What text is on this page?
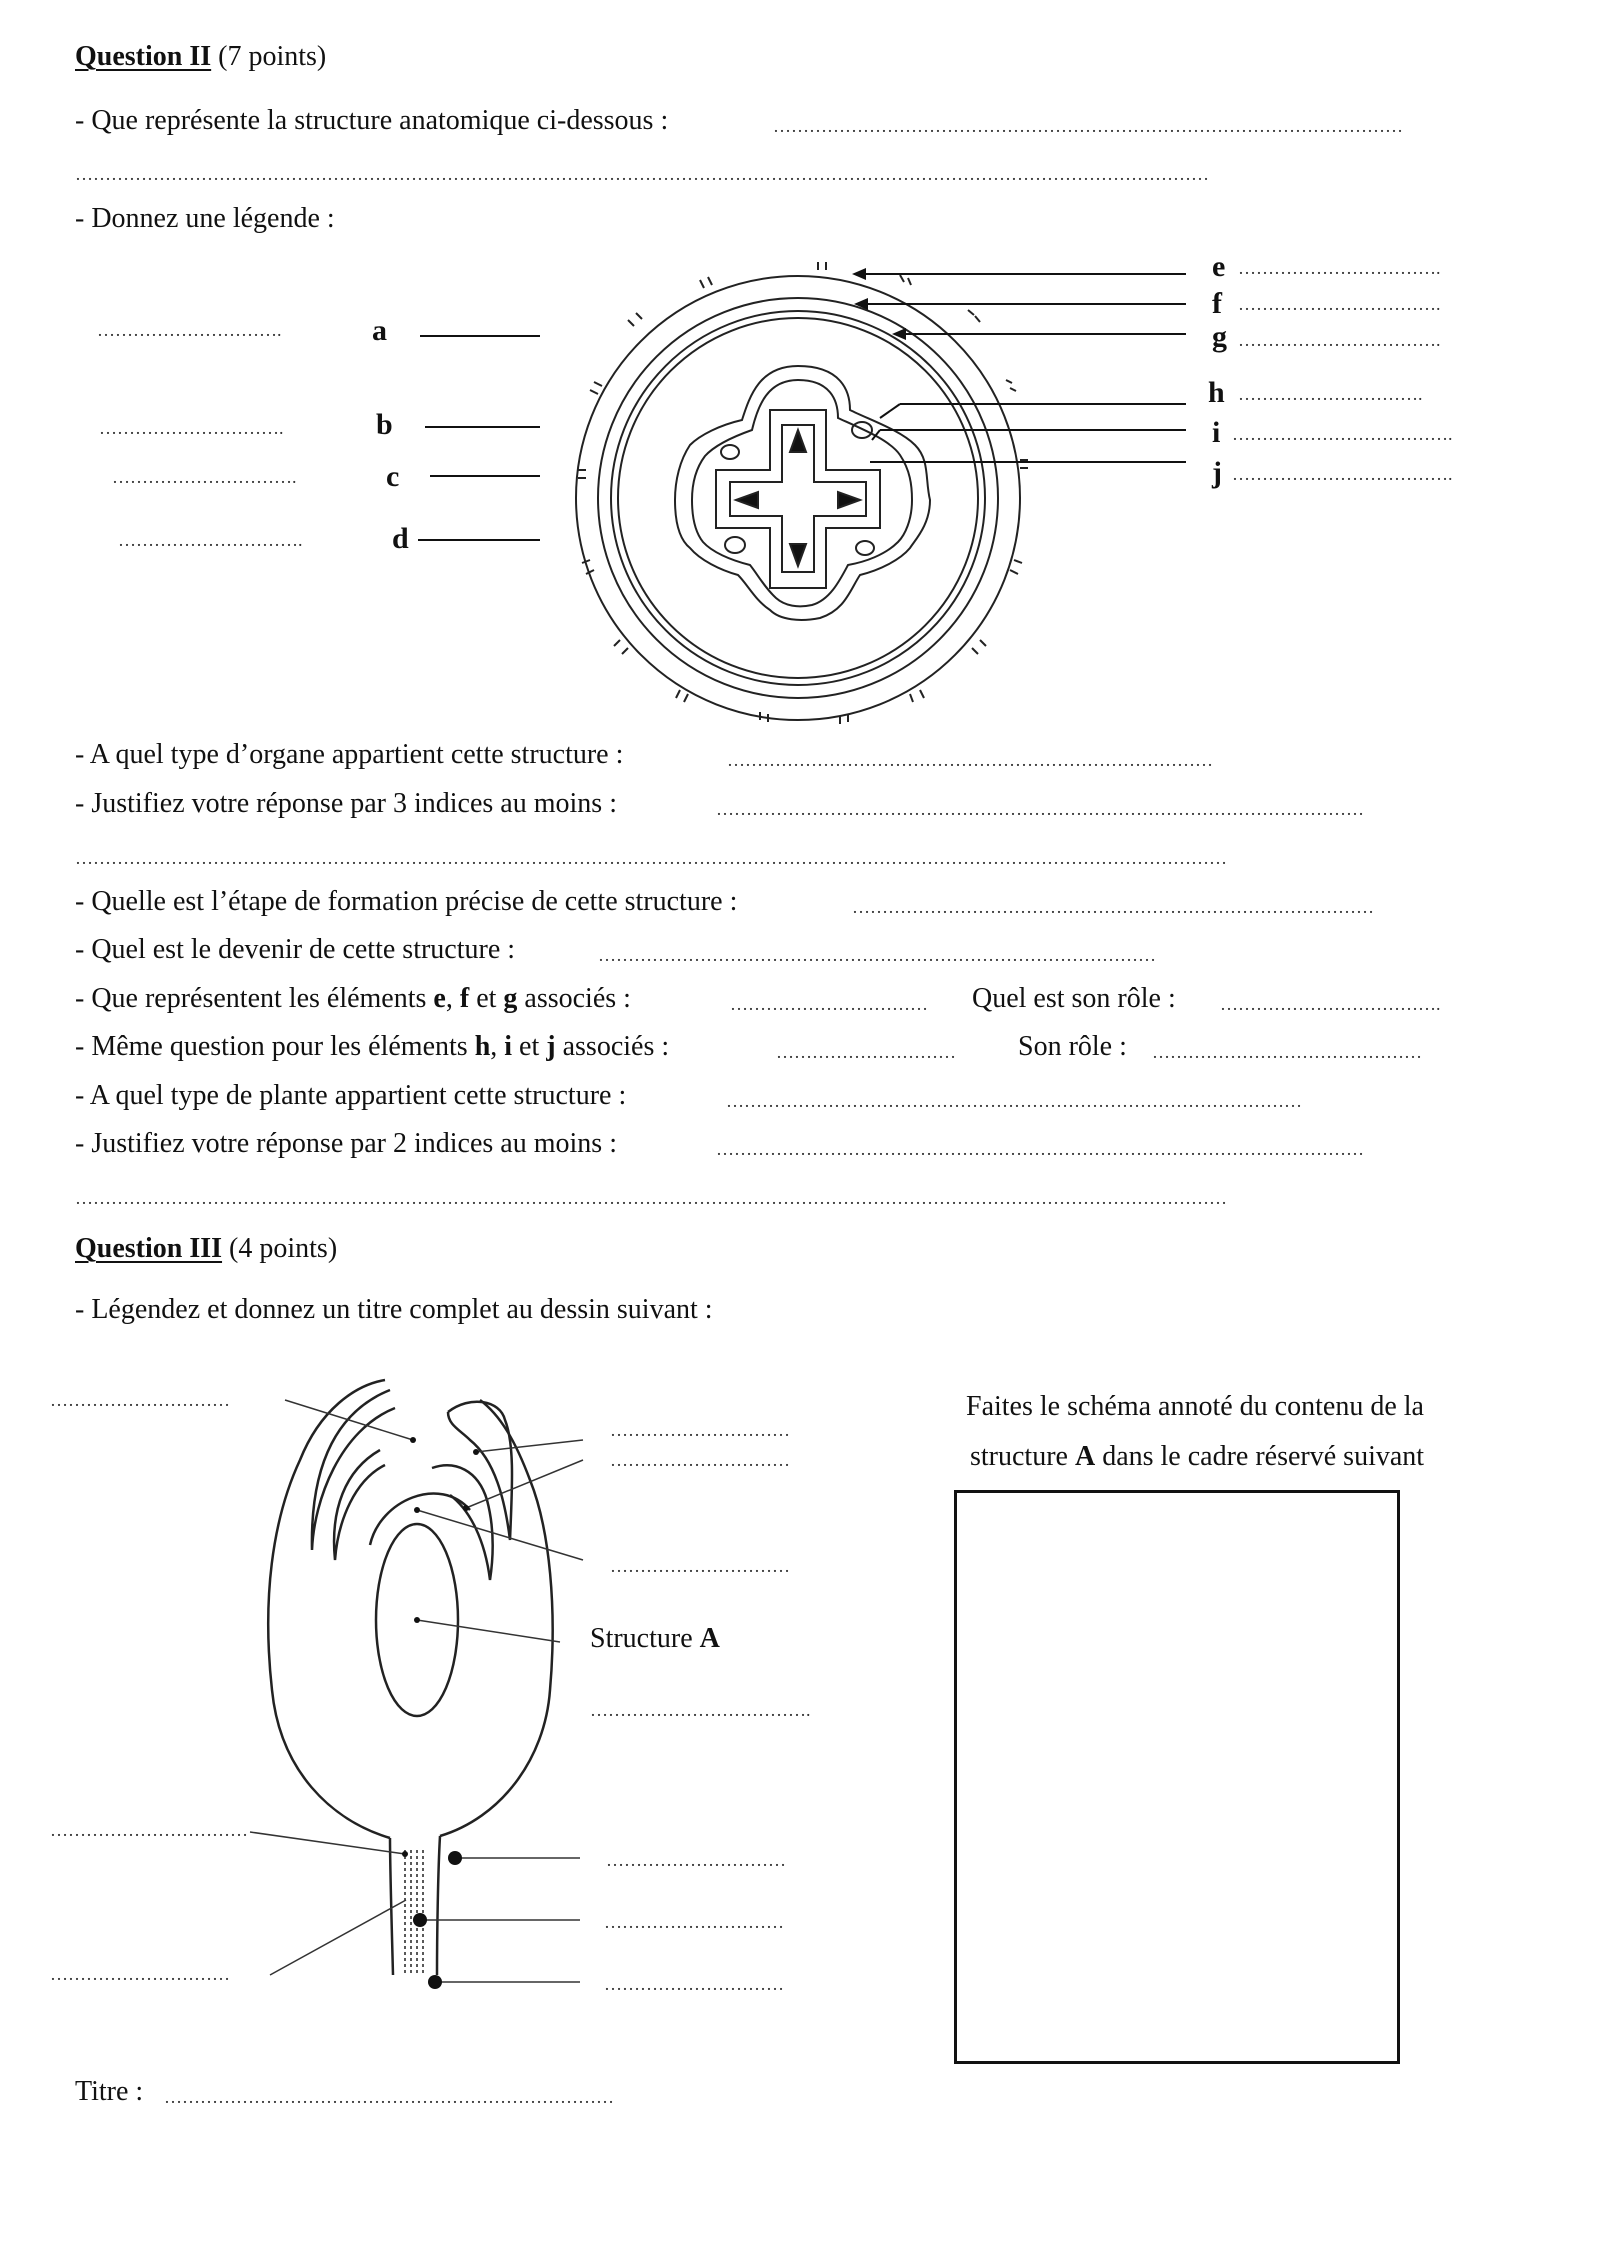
Question II (7 points)
- Que représente la structure anatomique ci-dessous :	……………………………………………………………………………………………
………………………………………………………………………………………………………………………………………………………………………
- Donnez une légende :
………………………….	a
………………………….	b
………………………….	c
………………………….	d
e …………………………….
f …………………………….
g …………………………….
h ………………………….
i ……………………………….
j ……………………………….
- A quel type d’organe appartient cette structure :	………………………………………………………………………
- Justifiez votre réponse par 3 indices au moins :	………………………………………………………………………………………………
…………………………………………………………………………………………………………………………………………………………………………
- Quelle est l’étape de formation précise de cette structure :	……………………………………………………………………………
- Quel est le devenir de cette structure :	…………………………………………………………………………………
- Que représentent les éléments e, f et g associés :	…………………………… Quel est son rôle : ……………………………….
- Même question pour les éléments h, i et j associés :	………………………… Son rôle : ………………………………………
- A quel type de plante appartient cette structure :	……………………………………………………………………………………
- Justifiez votre réponse par 2 indices au moins :	………………………………………………………………………………………………
…………………………………………………………………………………………………………………………………………………………………………
Question III (4 points)
- Légendez et donnez un titre complet au dessin suivant :
…………………………
…………………………
…………………………
…………………………
Structure A
……………………………….
……………………………
…………………………
…………………………
…………………………
…………………………
Faites le schéma annoté du contenu de la
structure A dans le cadre réservé suivant
Titre : …………………………………………………………………
